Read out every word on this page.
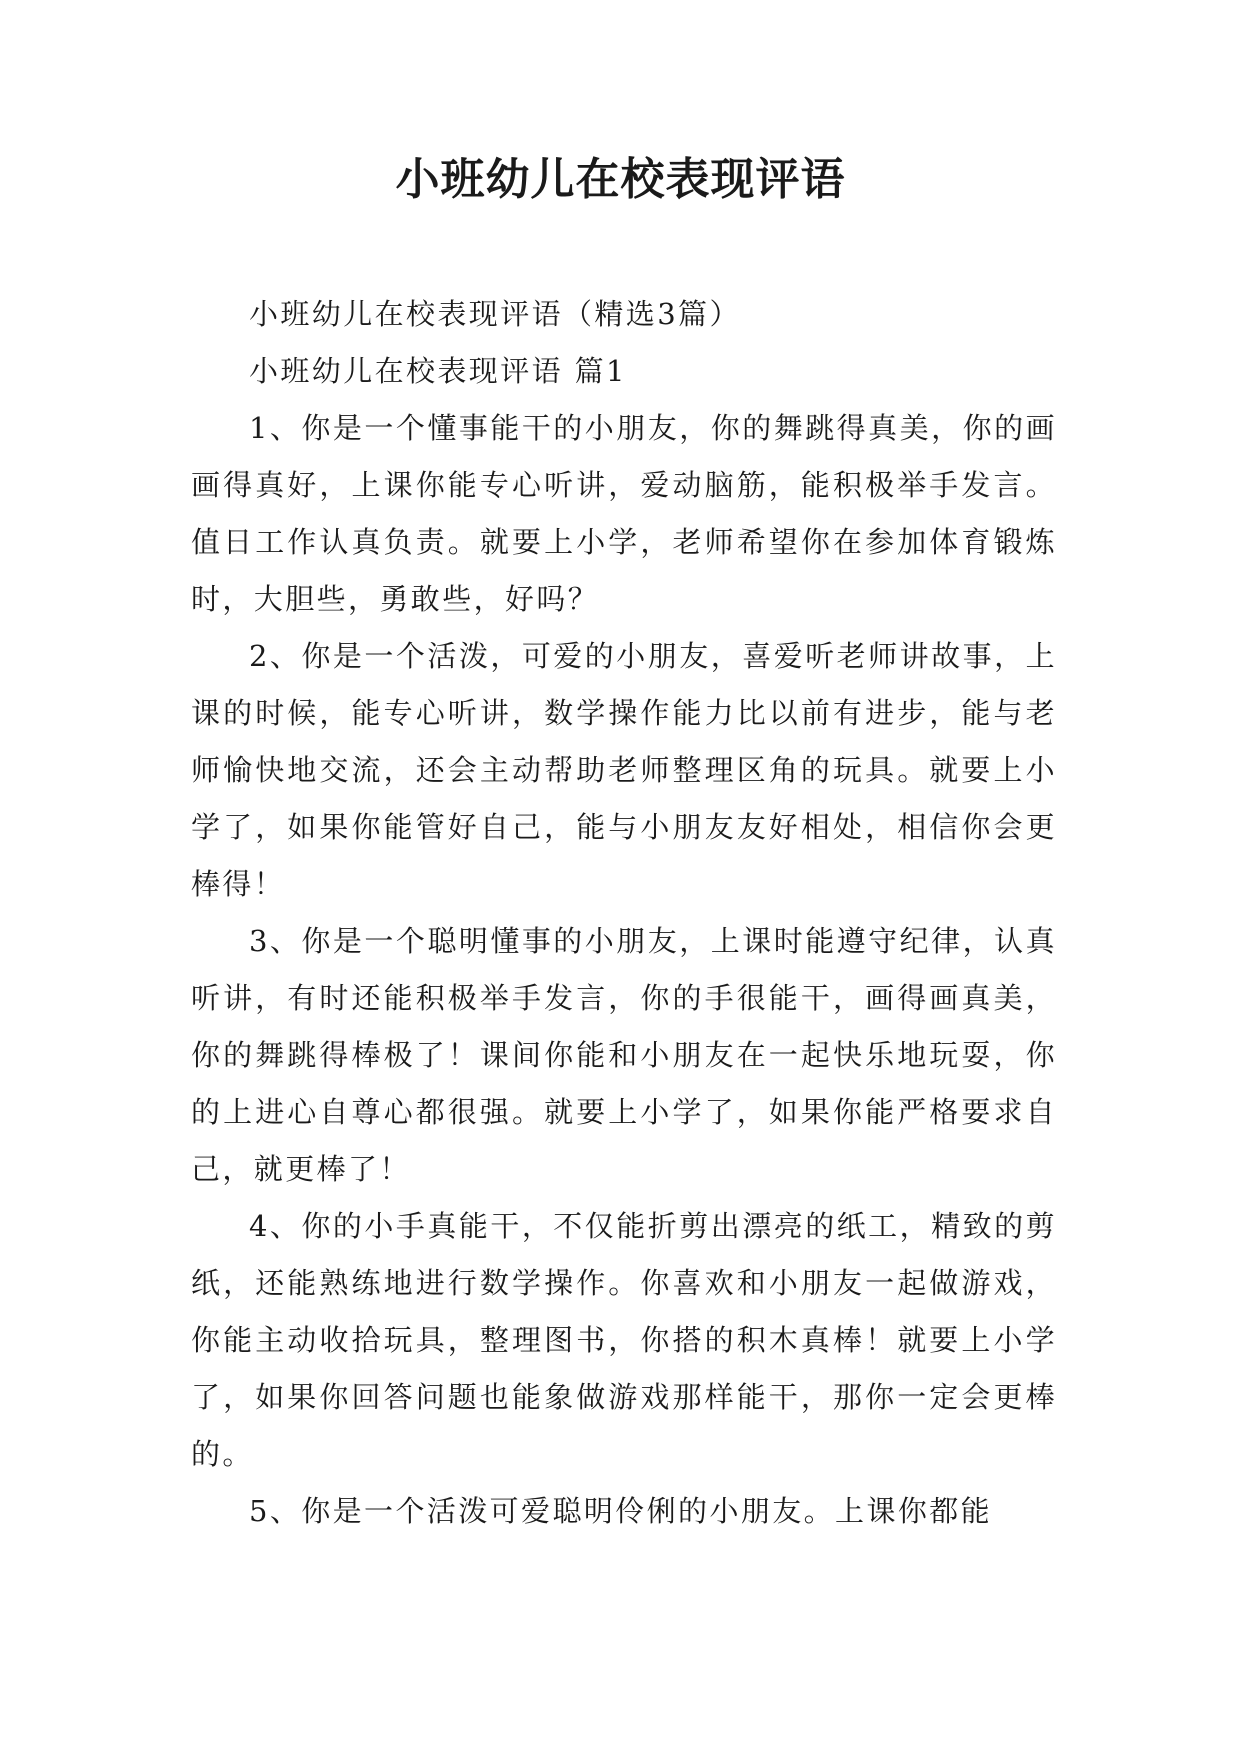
小班幼儿在校表现评语

小班幼儿在校表现评语（精选3篇）

小班幼儿在校表现评语 篇1

1、你是一个懂事能干的小朋友，你的舞跳得真美，你的画画得真好，上课你能专心听讲，爱动脑筋，能积极举手发言。值日工作认真负责。就要上小学，老师希望你在参加体育锻炼时，大胆些，勇敢些，好吗？

2、你是一个活泼，可爱的小朋友，喜爱听老师讲故事，上课的时候，能专心听讲，数学操作能力比以前有进步，能与老师愉快地交流，还会主动帮助老师整理区角的玩具。就要上小学了，如果你能管好自己，能与小朋友友好相处，相信你会更棒得！

3、你是一个聪明懂事的小朋友，上课时能遵守纪律，认真听讲，有时还能积极举手发言，你的手很能干，画得画真美，你的舞跳得棒极了！课间你能和小朋友在一起快乐地玩耍，你的上进心自尊心都很强。就要上小学了，如果你能严格要求自己，就更棒了！

4、你的小手真能干，不仅能折剪出漂亮的纸工，精致的剪纸，还能熟练地进行数学操作。你喜欢和小朋友一起做游戏，你能主动收拾玩具，整理图书，你搭的积木真棒！就要上小学了，如果你回答问题也能象做游戏那样能干，那你一定会更棒的。

5、你是一个活泼可爱聪明伶俐的小朋友。上课你都能
